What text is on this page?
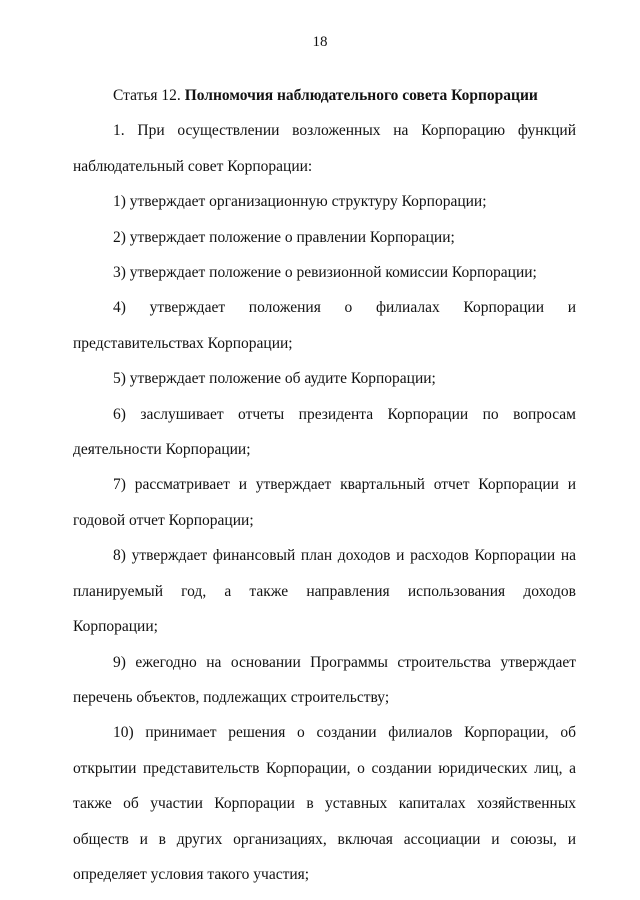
18
Статья 12. Полномочия наблюдательного совета Корпорации

1. При осуществлении возложенных на Корпорацию функций наблюдательный совет Корпорации:

1) утверждает организационную структуру Корпорации;

2) утверждает положение о правлении Корпорации;

3) утверждает положение о ревизионной комиссии Корпорации;

4) утверждает положения о филиалах Корпорации и представительствах Корпорации;

5) утверждает положение об аудите Корпорации;

6) заслушивает отчеты президента Корпорации по вопросам деятельности Корпорации;

7) рассматривает и утверждает квартальный отчет Корпорации и годовой отчет Корпорации;

8) утверждает финансовый план доходов и расходов Корпорации на планируемый год, а также направления использования доходов Корпорации;

9) ежегодно на основании Программы строительства утверждает перечень объектов, подлежащих строительству;

10) принимает решения о создании филиалов Корпорации, об открытии представительств Корпорации, о создании юридических лиц, а также об участии Корпорации в уставных капиталах хозяйственных обществ и в других организациях, включая ассоциации и союзы, и определяет условия такого участия;
